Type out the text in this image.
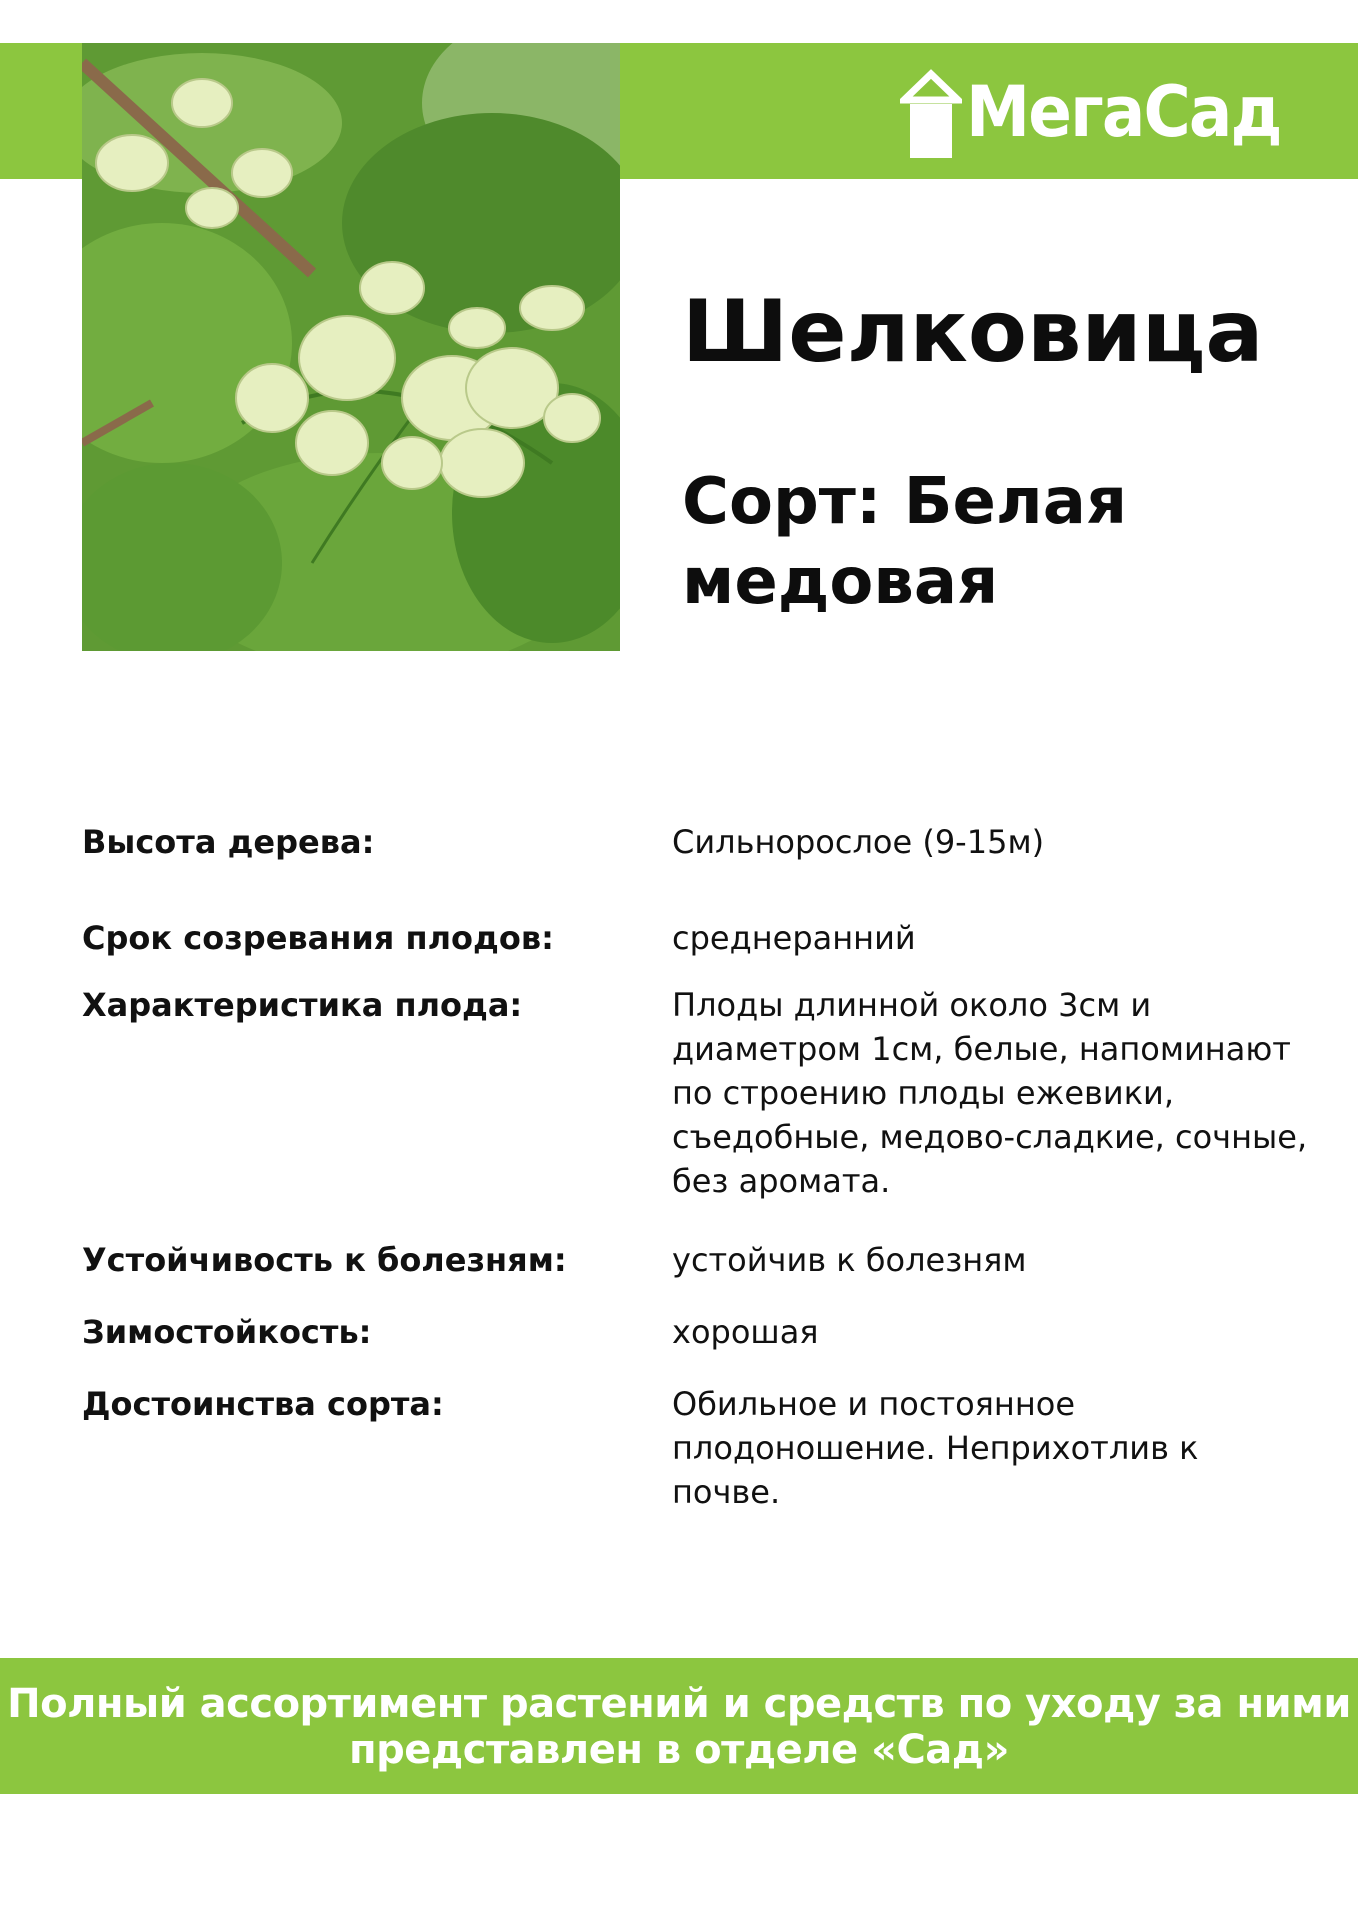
МегаСад
Шелковица
Сорт: Белая медовая
Высота дерева:	Сильнорослое (9-15м)
Срок созревания плодов:	среднеранний
Характеристика плода:	Плоды длинной около 3см и диаметром 1см, белые, напоминают по строению плоды ежевики, съедобные, медово-сладкие, сочные, без аромата.
Устойчивость к болезням:	устойчив к болезням
Зимостойкость:	хорошая
Достоинства сорта:	Обильное и постоянное плодоношение. Неприхотлив к почве.
Полный ассортимент растений и средств по уходу за ними
представлен в отделе «Сад»
